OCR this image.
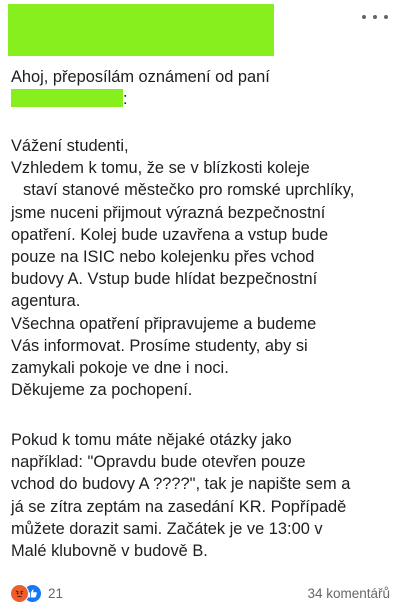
Ahoj, přeposílám oznámení od paní
:
Vážení studenti,
Vzhledem k tomu, že se v blízkosti koleje
staví stanové městečko pro romské uprchlíky,
jsme nuceni přijmout výrazná bezpečnostní
opatření. Kolej bude uzavřena a vstup bude
pouze na ISIC nebo kolejenku přes vchod
budovy A. Vstup bude hlídat bezpečnostní
agentura.
Všechna opatření připravujeme a budeme
Vás informovat. Prosíme studenty, aby si
zamykali pokoje ve dne i noci.
Děkujeme za pochopení.
Pokud k tomu máte nějaké otázky jako
například: "Opravdu bude otevřen pouze
vchod do budovy A ????", tak je napište sem a
já se zítra zeptám na zasedání KR. Popřípadě
můžete dorazit sami. Začátek je ve 13:00 v
Malé klubovně v budově B.
21	34 komentářů
